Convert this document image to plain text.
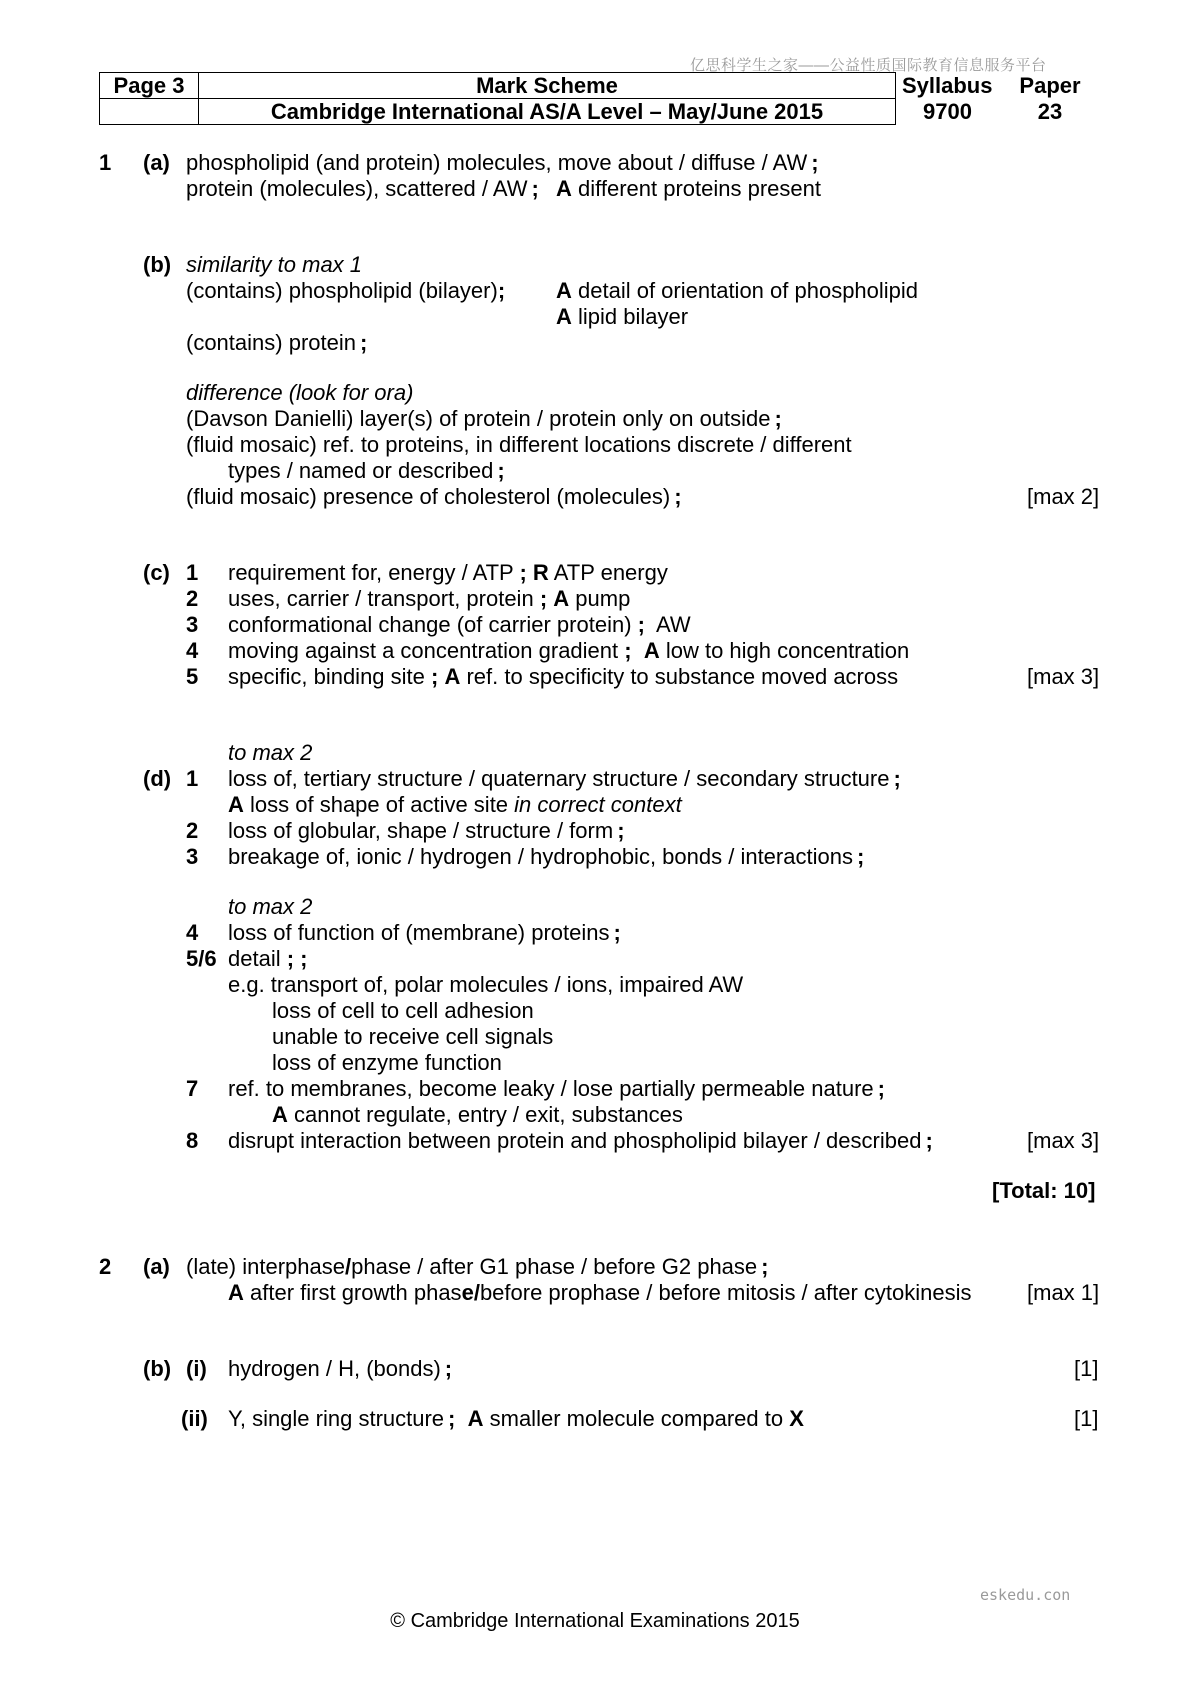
亿思科学生之家——公益性质国际教育信息服务平台
Page 3	Mark Scheme	Syllabus	Paper
	Cambridge International AS/A Level – May/June 2015	9700	23
1 (a) phospholipid (and protein) molecules, move about / diffuse / AW ;
protein (molecules), scattered / AW ; A different proteins present
(b) similarity to max 1
(contains) phospholipid (bilayer); A detail of orientation of phospholipid
A lipid bilayer
(contains) protein ;
difference (look for ora)
(Davson Danielli) layer(s) of protein / protein only on outside ;
(fluid mosaic) ref. to proteins, in different locations discrete / different
types / named or described ;
(fluid mosaic) presence of cholesterol (molecules) ;	[max 2]
(c) 1 requirement for, energy / ATP ; R ATP energy
2 uses, carrier / transport, protein ; A pump
3 conformational change (of carrier protein) ; AW
4 moving against a concentration gradient ; A low to high concentration
5 specific, binding site ; A ref. to specificity to substance moved across	[max 3]
to max 2
(d) 1 loss of, tertiary structure / quaternary structure / secondary structure ;
A loss of shape of active site in correct context
2 loss of globular, shape / structure / form ;
3 breakage of, ionic / hydrogen / hydrophobic, bonds / interactions ;
to max 2
4 loss of function of (membrane) proteins ;
5/6 detail ; ;
e.g. transport of, polar molecules / ions, impaired AW
loss of cell to cell adhesion
unable to receive cell signals
loss of enzyme function
7 ref. to membranes, become leaky / lose partially permeable nature ;
A cannot regulate, entry / exit, substances
8 disrupt interaction between protein and phospholipid bilayer / described ;	[max 3]
[Total: 10]
2 (a) (late) interphase/phase / after G1 phase / before G2 phase ;
A after first growth phase/before prophase / before mitosis / after cytokinesis	[max 1]
(b) (i) hydrogen / H, (bonds) ;	[1]
(ii) Y, single ring structure ; A smaller molecule compared to X	[1]
eskedu.con
© Cambridge International Examinations 2015
